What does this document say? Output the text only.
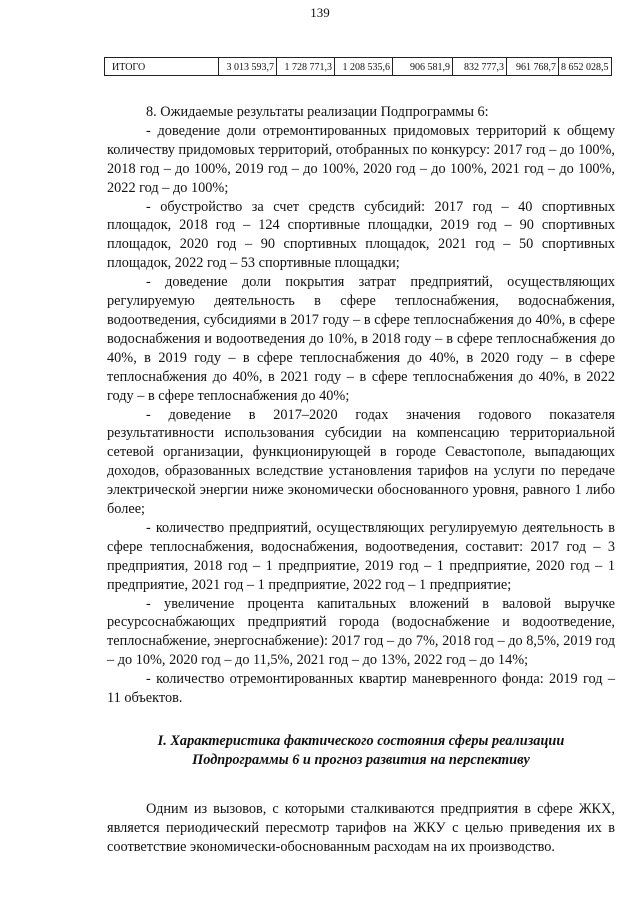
139
ИТОГО	3 013 593,7	1 728 771,3	1 208 535,6	906 581,9	832 777,3	961 768,7	8 652 028,5

8. Ожидаемые результаты реализации Подпрограммы 6:

- доведение доли отремонтированных придомовых территорий к общему количеству придомовых территорий, отобранных по конкурсу: 2017 год – до 100%, 2018 год – до 100%, 2019 год – до 100%, 2020 год – до 100%, 2021 год – до 100%, 2022 год – до 100%;

- обустройство за счет средств субсидий: 2017 год – 40 спортивных площадок, 2018 год – 124 спортивные площадки, 2019 год – 90 спортивных площадок, 2020 год – 90 спортивных площадок, 2021 год – 50 спортивных площадок, 2022 год – 53 спортивные площадки;

- доведение доли покрытия затрат предприятий, осуществляющих регулируемую деятельность в сфере теплоснабжения, водоснабжения, водоотведения, субсидиями в 2017 году – в сфере теплоснабжения до 40%, в сфере водоснабжения и водоотведения до 10%, в 2018 году – в сфере теплоснабжения до 40%, в 2019 году – в сфере теплоснабжения до 40%, в 2020 году – в сфере теплоснабжения до 40%, в 2021 году – в сфере теплоснабжения до 40%, в 2022 году – в сфере теплоснабжения до 40%;

- доведение в 2017–2020 годах значения годового показателя результативности использования субсидии на компенсацию территориальной сетевой организации, функционирующей в городе Севастополе, выпадающих доходов, образованных вследствие установления тарифов на услуги по передаче электрической энергии ниже экономически обоснованного уровня, равного 1 либо более;

- количество предприятий, осуществляющих регулируемую деятельность в сфере теплоснабжения, водоснабжения, водоотведения, составит: 2017 год – 3 предприятия, 2018 год – 1 предприятие, 2019 год – 1 предприятие, 2020 год – 1 предприятие, 2021 год – 1 предприятие, 2022 год – 1 предприятие;

- увеличение процента капитальных вложений в валовой выручке ресурсоснабжающих предприятий города (водоснабжение и водоотведение, теплоснабжение, энергоснабжение): 2017 год – до 7%, 2018 год – до 8,5%, 2019 год – до 10%, 2020 год – до 11,5%, 2021 год – до 13%, 2022 год – до 14%;

- количество отремонтированных квартир маневренного фонда: 2019 год – 11 объектов.

I. Характеристика фактического состояния сферы реализации
Подпрограммы 6 и прогноз развития на перспективу

Одним из вызовов, с которыми сталкиваются предприятия в сфере ЖКХ, является периодический пересмотр тарифов на ЖКУ с целью приведения их в соответствие экономически-обоснованным расходам на их производство.
